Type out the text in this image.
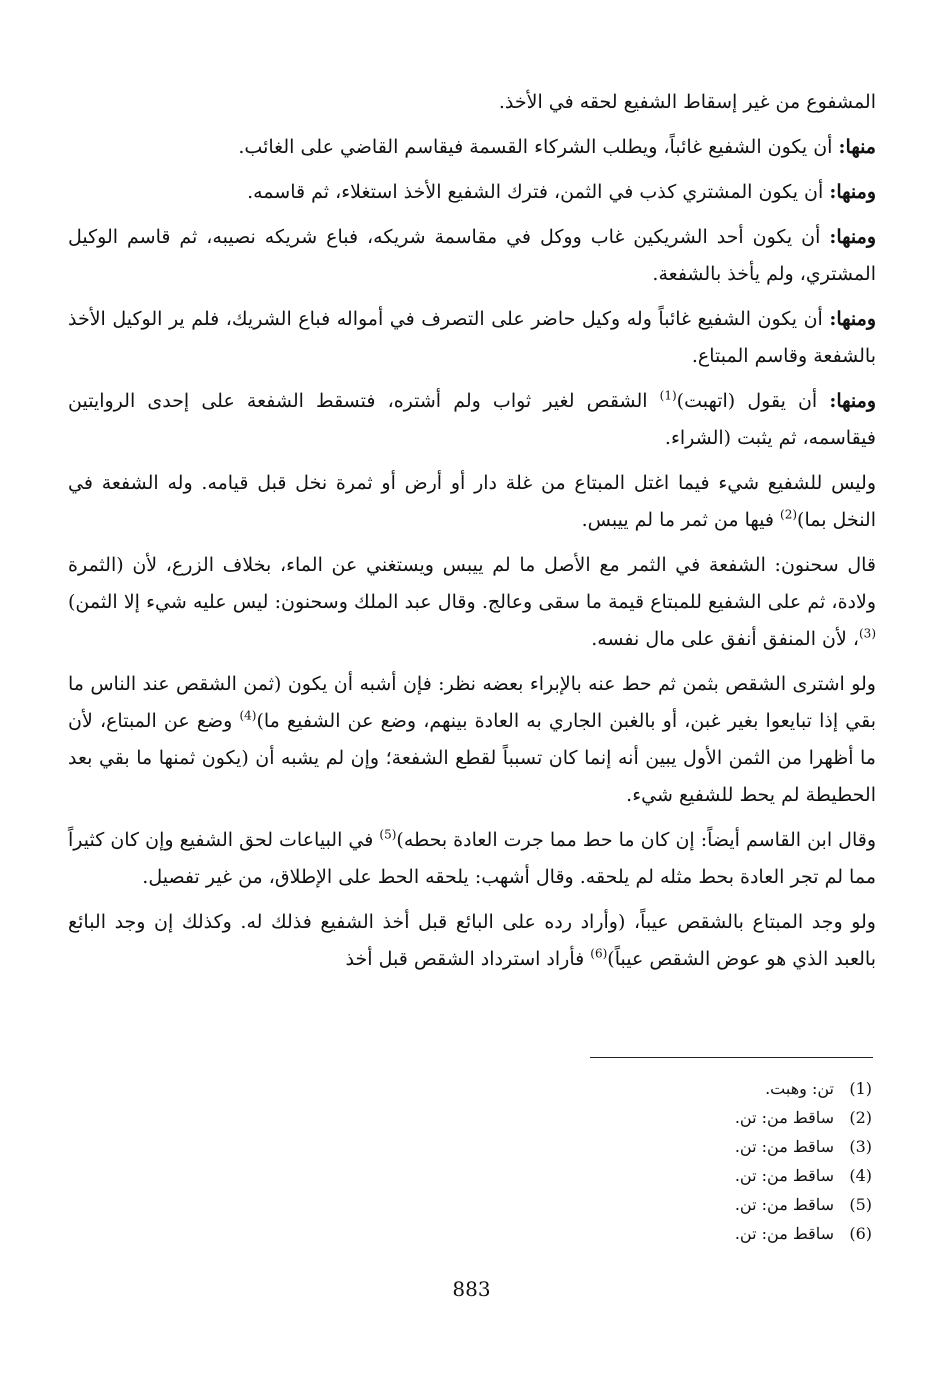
المشفوع من غير إسقاط الشفيع لحقه في الأخذ.

منها: أن يكون الشفيع غائباً، ويطلب الشركاء القسمة فيقاسم القاضي على الغائب.

ومنها: أن يكون المشتري كذب في الثمن، فترك الشفيع الأخذ استغلاء، ثم قاسمه.

ومنها: أن يكون أحد الشريكين غاب ووكل في مقاسمة شريكه، فباع شريكه نصيبه، ثم قاسم الوكيل المشتري، ولم يأخذ بالشفعة.

ومنها: أن يكون الشفيع غائباً وله وكيل حاضر على التصرف في أمواله فباع الشريك، فلم ير الوكيل الأخذ بالشفعة وقاسم المبتاع.

ومنها: أن يقول (اتهبت)$^{(1)}$ الشقص لغير ثواب ولم أشتره، فتسقط الشفعة على إحدى الروايتين فيقاسمه، ثم يثبت (الشراء.

وليس للشفيع شيء فيما اغتل المبتاع من غلة دار أو أرض أو ثمرة نخل قبل قيامه. وله الشفعة في النخل بما)$^{(2)}$ فيها من ثمر ما لم ييبس.

قال سحنون: الشفعة في الثمر مع الأصل ما لم ييبس ويستغني عن الماء، بخلاف الزرع، لأن (الثمرة ولادة، ثم على الشفيع للمبتاع قيمة ما سقى وعالج. وقال عبد الملك وسحنون: ليس عليه شيء إلا الثمن)$^{(3)}$، لأن المنفق أنفق على مال نفسه.

ولو اشترى الشقص بثمن ثم حط عنه بالإبراء بعضه نظر: فإن أشبه أن يكون (ثمن الشقص عند الناس ما بقي إذا تبايعوا بغير غبن، أو بالغبن الجاري به العادة بينهم، وضع عن الشفيع ما)$^{(4)}$ وضع عن المبتاع، لأن ما أظهرا من الثمن الأول يبين أنه إنما كان تسبباً لقطع الشفعة؛ وإن لم يشبه أن (يكون ثمنها ما بقي بعد الحطيطة لم يحط للشفيع شيء.

وقال ابن القاسم أيضاً: إن كان ما حط مما جرت العادة بحطه)$^{(5)}$ في البياعات لحق الشفيع وإن كان كثيراً مما لم تجر العادة بحط مثله لم يلحقه. وقال أشهب: يلحقه الحط على الإطلاق، من غير تفصيل.

ولو وجد المبتاع بالشقص عيباً، (وأراد رده على البائع قبل أخذ الشفيع فذلك له. وكذلك إن وجد البائع بالعبد الذي هو عوض الشقص عيباً)$^{(6)}$ فأراد استرداد الشقص قبل أخذ

(1)تن: وهبت.
(2)ساقط من: تن.
(3)ساقط من: تن.
(4)ساقط من: تن.
(5)ساقط من: تن.
(6)ساقط من: تن.
883
